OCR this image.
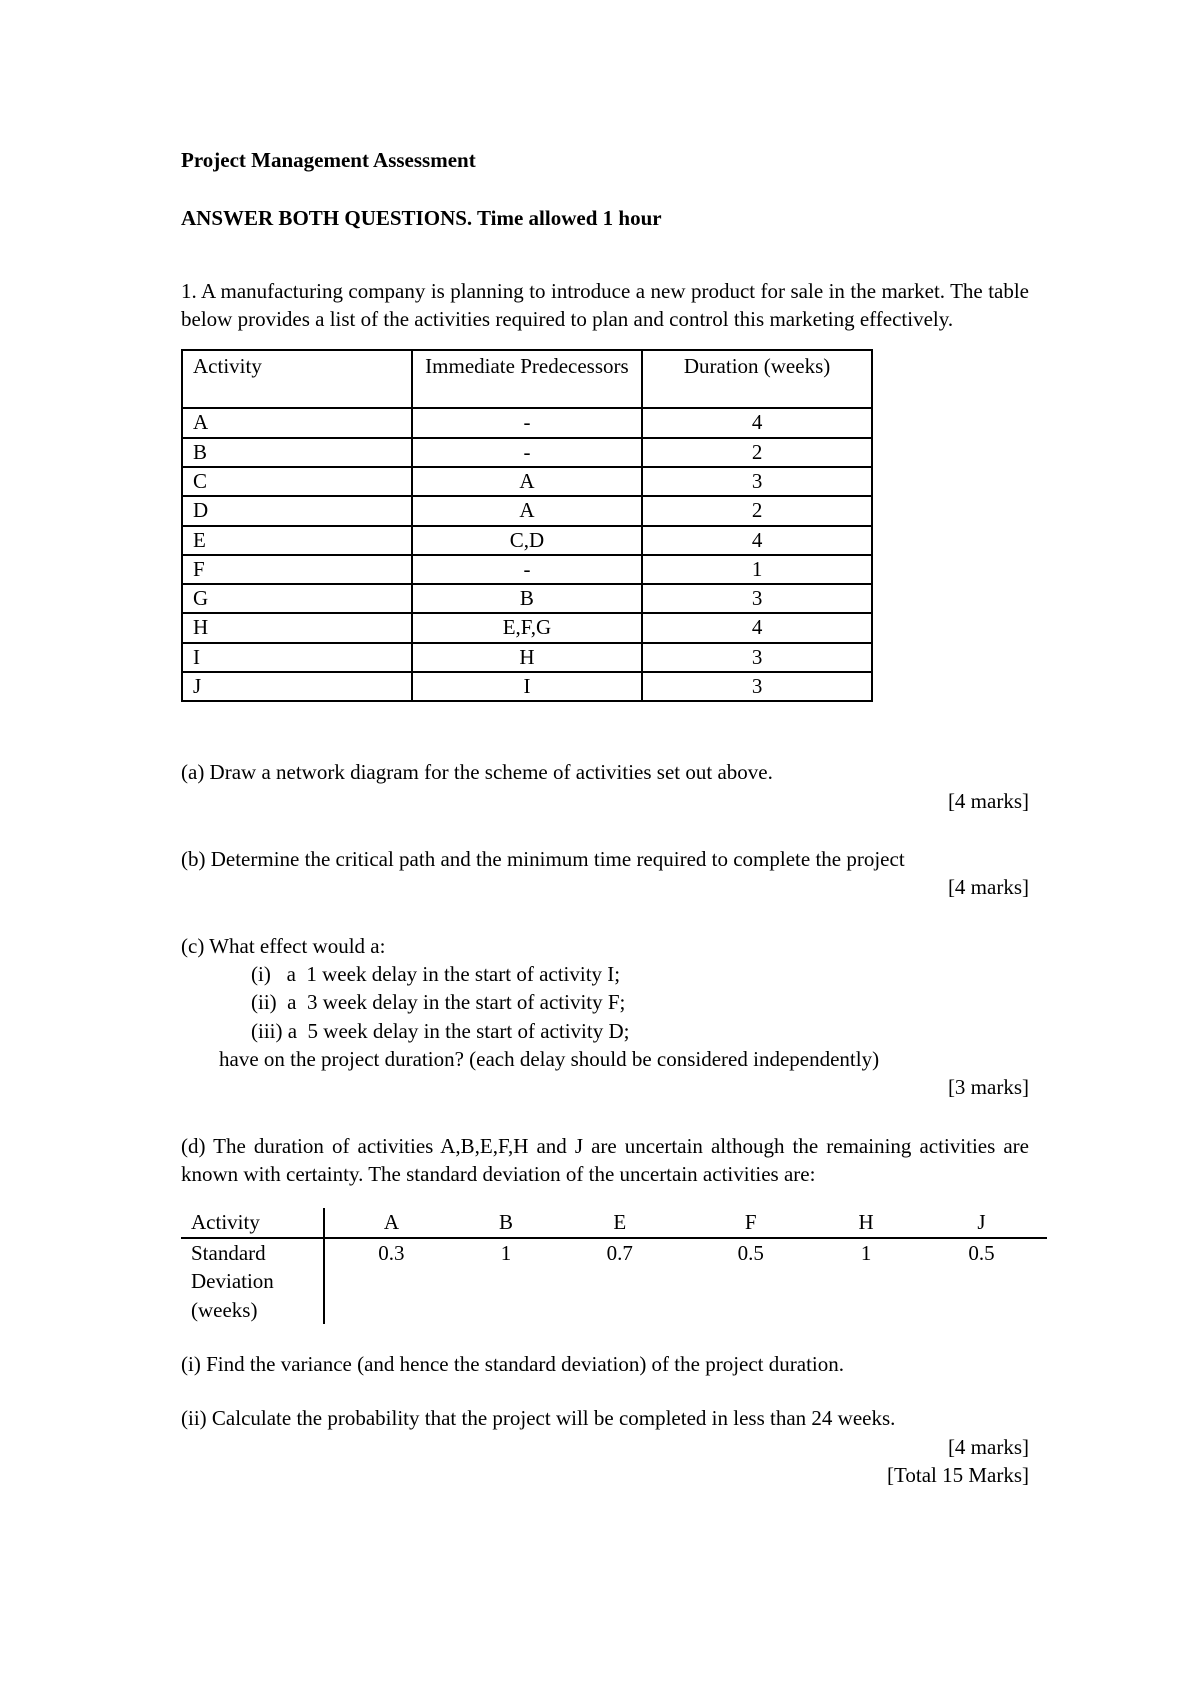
Project Management Assessment

ANSWER BOTH QUESTIONS. Time allowed 1 hour

1. A manufacturing company is planning to introduce a new product for sale in the market. The table below provides a list of the activities required to plan and control this marketing effectively.

Activity	Immediate Predecessors	Duration (weeks)
A	-	4
B	-	2
C	A	3
D	A	2
E	C,D	4
F	-	1
G	B	3
H	E,F,G	4
I	H	3
J	I	3

(a) Draw a network diagram for the scheme of activities set out above.

[4 marks]

(b) Determine the critical path and the minimum time required to complete the project

[4 marks]

(c) What effect would a:

(i)   a  1 week delay in the start of activity I;

(ii)  a  3 week delay in the start of activity F;

(iii) a  5 week delay in the start of activity D;

have on the project duration? (each delay should be considered independently)

[3 marks]

(d) The duration of activities A,B,E,F,H and J are uncertain although the remaining activities are known with certainty. The standard deviation of the uncertain activities are:

Activity	A	B	E	F	H	J

Standard
Deviation
(weeks)	0.3	1	0.7	0.5	1	0.5

(i) Find the variance (and hence the standard deviation) of the project duration.

(ii) Calculate the probability that the project will be completed in less than 24 weeks.

[4 marks]

[Total 15 Marks]
